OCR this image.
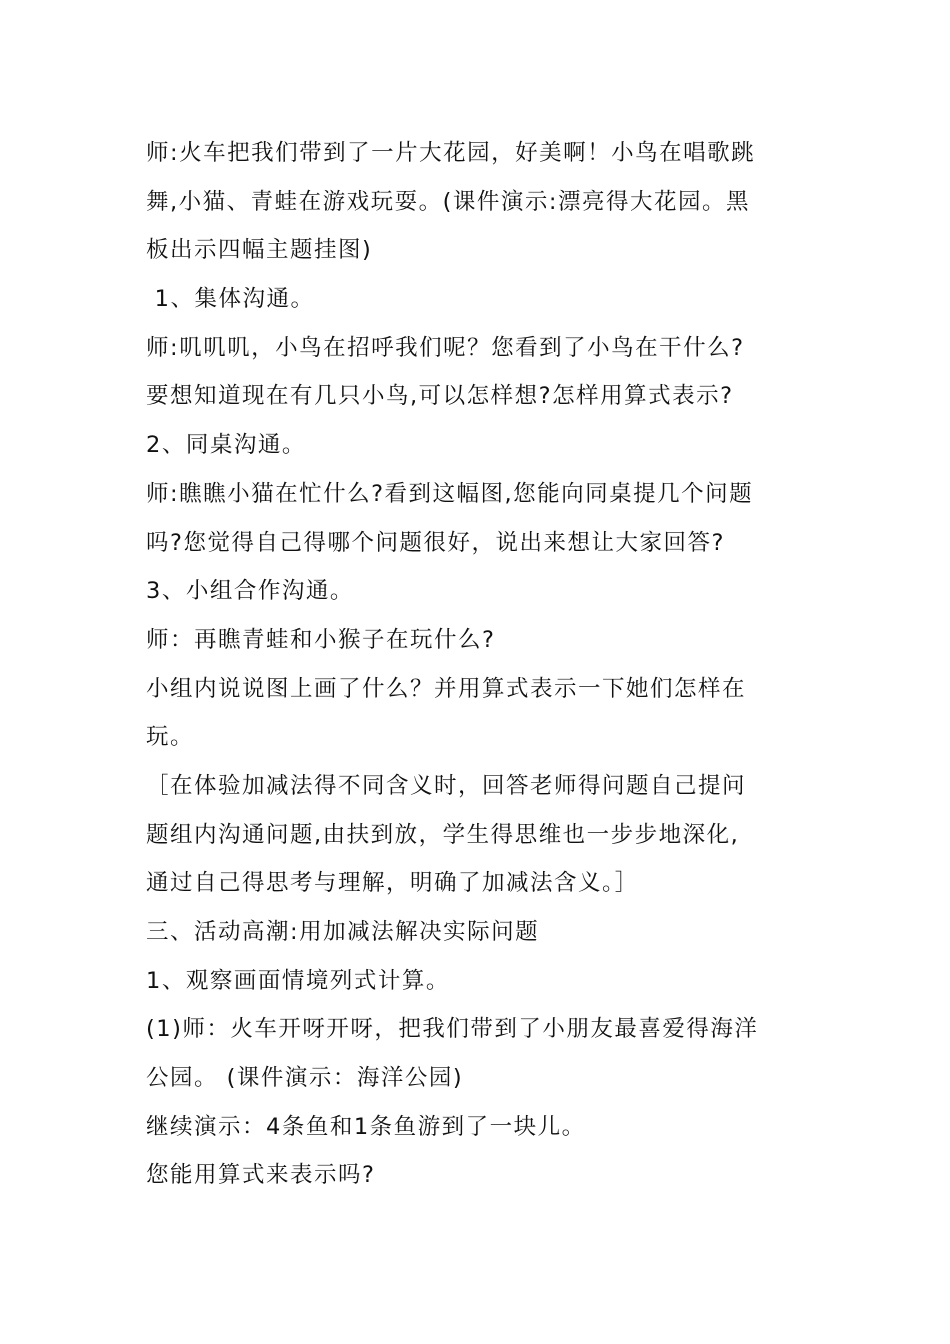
师:火车把我们带到了一片大花园，好美啊！小鸟在唱歌跳
舞,小猫、青蛙在游戏玩耍。(课件演示:漂亮得大花园。黑
板出示四幅主题挂图)
1、集体沟通。
师:叽叽叽，小鸟在招呼我们呢？您看到了小鸟在干什么?
要想知道现在有几只小鸟,可以怎样想?怎样用算式表示?
2、同桌沟通。
师:瞧瞧小猫在忙什么?看到这幅图,您能向同桌提几个问题
吗?您觉得自己得哪个问题很好，说出来想让大家回答?
3、小组合作沟通。
师：再瞧青蛙和小猴子在玩什么?
小组内说说图上画了什么？并用算式表示一下她们怎样在
玩。
［在体验加减法得不同含义时，回答老师得问题自己提问
题组内沟通问题,由扶到放，学生得思维也一步步地深化,
通过自己得思考与理解，明确了加减法含义。］
三、活动高潮:用加减法解决实际问题
1、观察画面情境列式计算。
(1)师：火车开呀开呀，把我们带到了小朋友最喜爱得海洋
公园。 (课件演示：海洋公园)
继续演示：4条鱼和1条鱼游到了一块儿。
您能用算式来表示吗?
